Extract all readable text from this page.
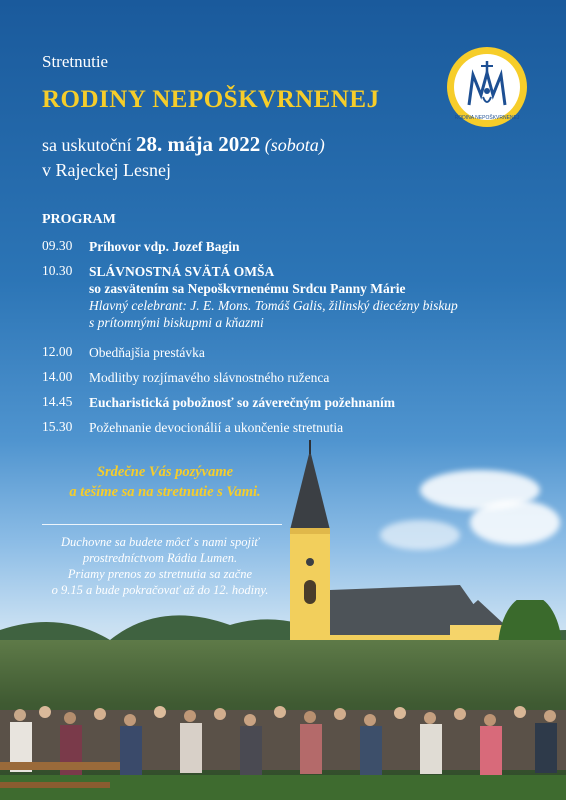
RODINA NEPOŠKVRNENEJ
Stretnutie
RODINY NEPOŠKVRNENEJ
sa uskutoční 28. mája 2022 (sobota)
v Rajeckej Lesnej
PROGRAM
09.30	Príhovor vdp. Jozef Bagin
10.30	SLÁVNOSTNÁ SVÄTÁ OMŠA
so zasvätením sa Nepoškvrnenému Srdcu Panny Márie
Hlavný celebrant: J. E. Mons. Tomáš Galis, žilinský diecézny biskup
s prítomnými biskupmi a kňazmi
12.00	Obedňajšia prestávka
14.00	Modlitby rozjímavého slávnostného ruženca
14.45	Eucharistická pobožnosť so záverečným požehnaním
15.30	Požehnanie devocionálií a ukončenie stretnutia
Srdečne Vás pozývame
a tešíme sa na stretnutie s Vami.
Duchovne sa budete môcť s nami spojiť
prostredníctvom Rádia Lumen.
Priamy prenos zo stretnutia sa začne
o 9.15 a bude pokračovať až do 12. hodiny.
